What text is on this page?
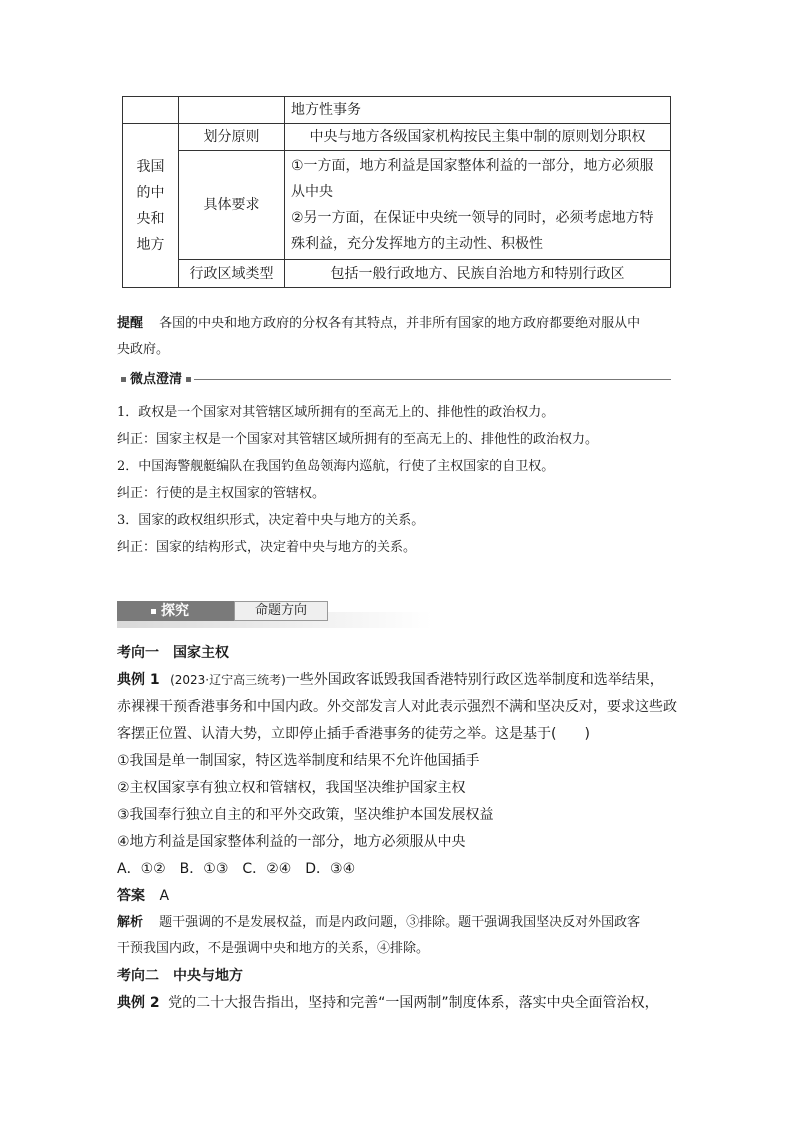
		地方性事务
我国的中央和地方	划分原则	中央与地方各级国家机构按民主集中制的原则划分职权
	具体要求	①一方面，地方利益是国家整体利益的一部分，地方必须服从中央
②另一方面，在保证中央统一领导的同时，必须考虑地方特殊利益，充分发挥地方的主动性、积极性

	行政区域类型	包括一般行政地方、民族自治地方和特别行政区
提醒 各国的中央和地方政府的分权各有其特点，并非所有国家的地方政府都要绝对服从中
央政府。
微点澄清
1．政权是一个国家对其管辖区域所拥有的至高无上的、排他性的政治权力。
纠正：国家主权是一个国家对其管辖区域所拥有的至高无上的、排他性的政治权力。
2．中国海警舰艇编队在我国钓鱼岛领海内巡航，行使了主权国家的自卫权。
纠正：行使的是主权国家的管辖权。
3．国家的政权组织形式，决定着中央与地方的关系。
纠正：国家的结构形式，决定着中央与地方的关系。
探究	命题方向
考向一　国家主权
典例 1 (2023·辽宁高三统考)一些外国政客诋毁我国香港特别行政区选举制度和选举结果，
赤裸裸干预香港事务和中国内政。外交部发言人对此表示强烈不满和坚决反对，要求这些政
客摆正位置、认清大势，立即停止插手香港事务的徒劳之举。这是基于(　　)
①我国是单一制国家，特区选举制度和结果不允许他国插手
②主权国家享有独立权和管辖权，我国坚决维护国家主权
③我国奉行独立自主的和平外交政策，坚决维护本国发展权益
④地方利益是国家整体利益的一部分，地方必须服从中央
A．①②　B．①③　C．②④　D．③④
答案 A
解析 题干强调的不是发展权益，而是内政问题，③排除。题干强调我国坚决反对外国政客
干预我国内政，不是强调中央和地方的关系，④排除。
考向二　中央与地方
典例 2 党的二十大报告指出，坚持和完善“一国两制”制度体系，落实中央全面管治权，
